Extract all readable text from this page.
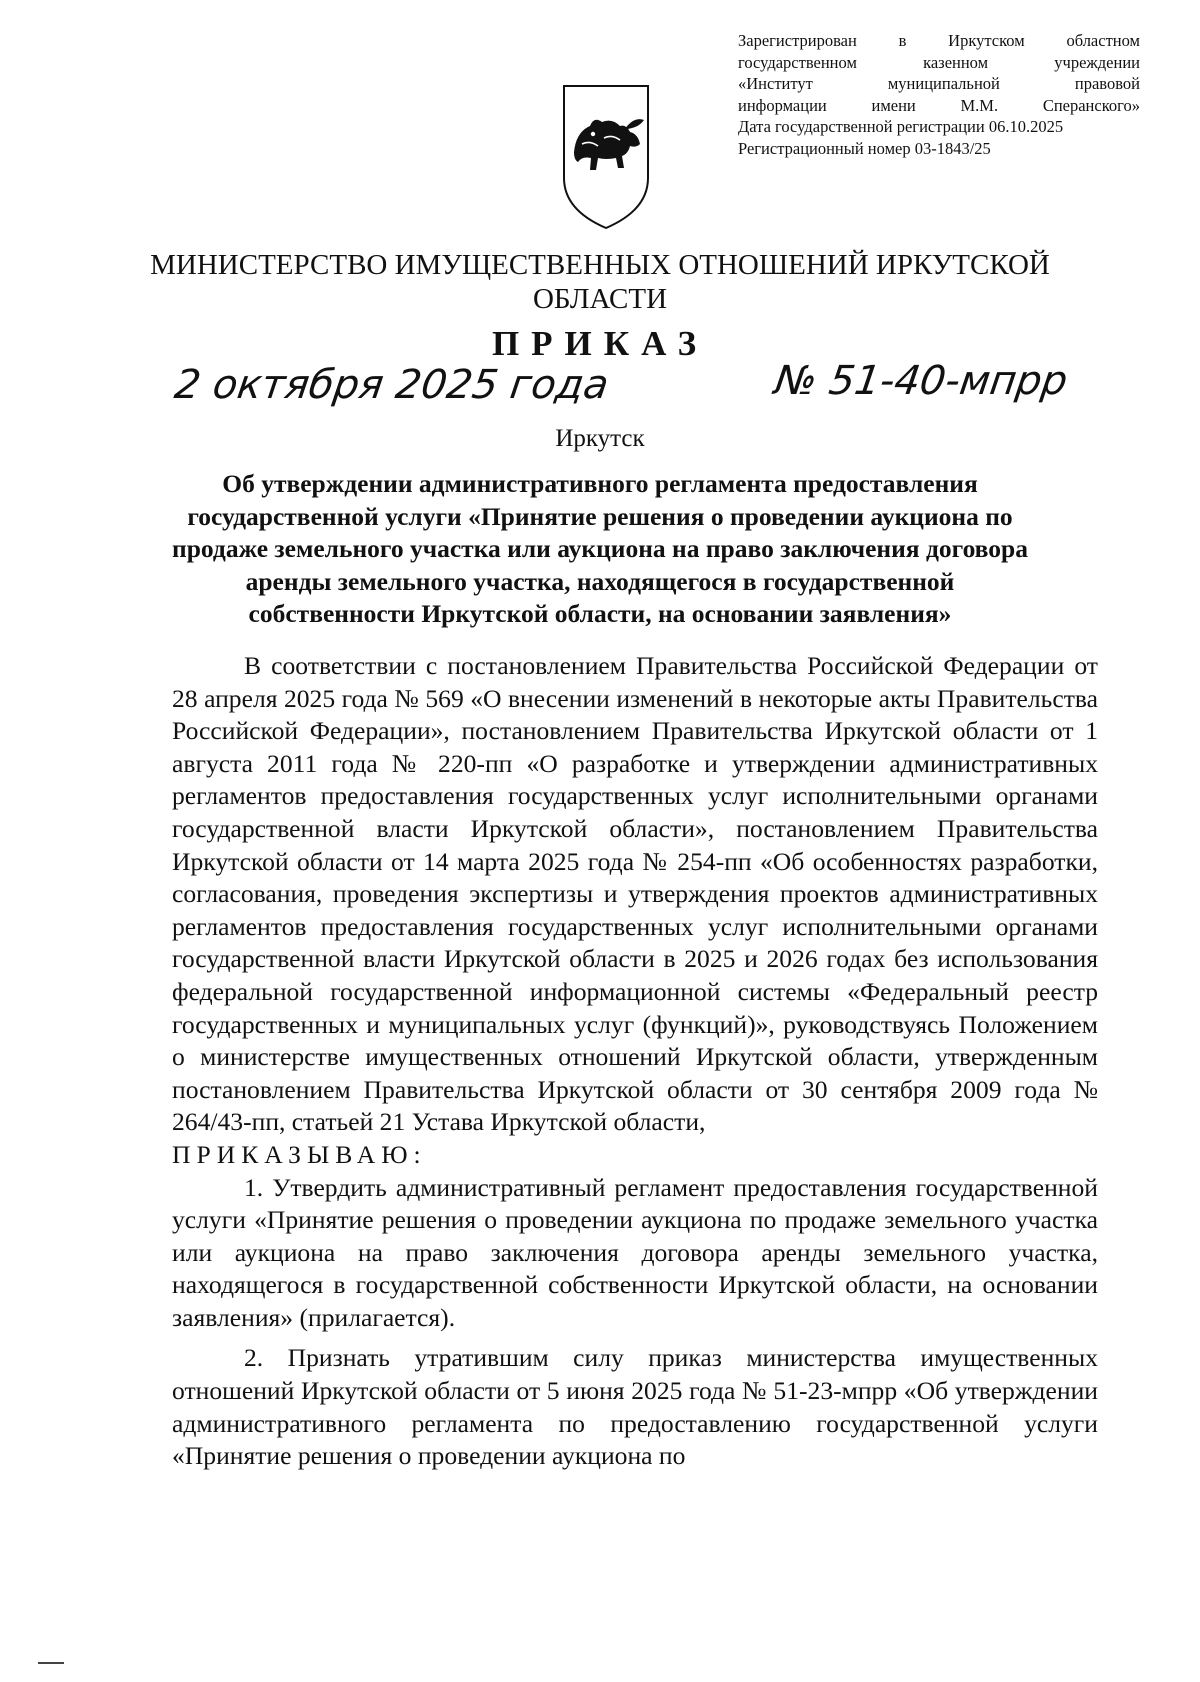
Зарегистрирован в Иркутском областном
государственном казенном учреждении
«Институт муниципальной правовой
информации имени М.М. Сперанского»
Дата государственной регистрации 06.10.2025
Регистрационный номер 03-1843/25
МИНИСТЕРСТВО ИМУЩЕСТВЕННЫХ ОТНОШЕНИЙ ИРКУТСКОЙ ОБЛАСТИ
ПРИКАЗ
2 октября 2025 года	№ 51-40-мпрр
Иркутск
Об утверждении административного регламента предоставления государственной услуги «Принятие решения о проведении аукциона по продаже земельного участка или аукциона на право заключения договора аренды земельного участка, находящегося в государственной собственности Иркутской области, на основании заявления»

В соответствии с постановлением Правительства Российской Федерации от 28 апреля 2025 года № 569 «О внесении изменений в некоторые акты Правительства Российской Федерации», постановлением Правительства Иркутской области от 1 августа 2011 года № 220-пп «О разработке и утверждении административных регламентов предоставления государственных услуг исполнительными органами государственной власти Иркутской области», постановлением Правительства Иркутской области от 14 марта 2025 года № 254-пп «Об особенностях разработки, согласования, проведения экспертизы и утверждения проектов административных регламентов предоставления государственных услуг исполнительными органами государственной власти Иркутской области в 2025 и 2026 годах без использования федеральной государственной информационной системы «Федеральный реестр государственных и муниципальных услуг (функций)», руководствуясь Положением о министерстве имущественных отношений Иркутской области, утвержденным постановлением Правительства Иркутской области от 30 сентября 2009 года № 264/43-пп, статьей 21 Устава Иркутской области,

ПРИКАЗЫВАЮ:

1. Утвердить административный регламент предоставления государственной услуги «Принятие решения о проведении аукциона по продаже земельного участка или аукциона на право заключения договора аренды земельного участка, находящегося в государственной собственности Иркутской области, на основании заявления» (прилагается).

2. Признать утратившим силу приказ министерства имущественных отношений Иркутской области от 5 июня 2025 года № 51-23-мпрр «Об утверждении административного регламента по предоставлению государственной услуги «Принятие решения о проведении аукциона по
